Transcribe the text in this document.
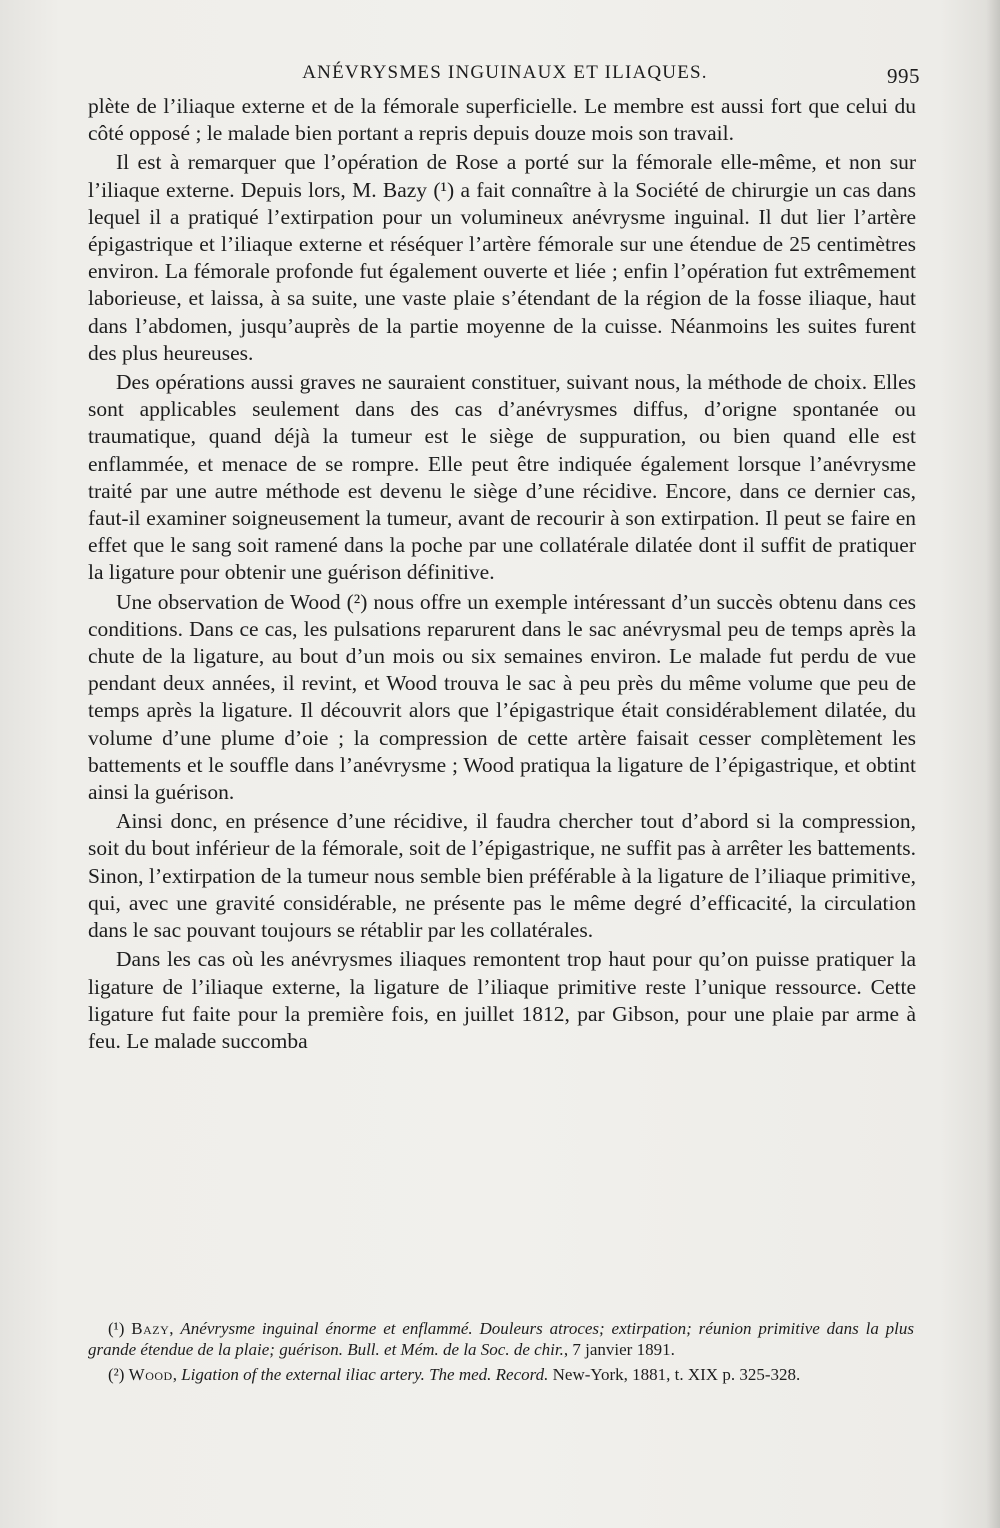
ANÉVRYSMES INGUINAUX ET ILIAQUES.	995

plète de l’iliaque externe et de la fémorale superficielle. Le membre est aussi fort que celui du côté opposé ; le malade bien portant a repris depuis douze mois son travail.

Il est à remarquer que l’opération de Rose a porté sur la fémorale elle-même, et non sur l’iliaque externe. Depuis lors, M. Bazy (¹) a fait connaître à la Société de chirurgie un cas dans lequel il a pratiqué l’extirpation pour un volumineux anévrysme inguinal. Il dut lier l’artère épigastrique et l’iliaque externe et réséquer l’artère fémorale sur une étendue de 25 centimètres environ. La fémorale profonde fut également ouverte et liée ; enfin l’opération fut extrêmement laborieuse, et laissa, à sa suite, une vaste plaie s’étendant de la région de la fosse iliaque, haut dans l’abdomen, jusqu’auprès de la partie moyenne de la cuisse. Néanmoins les suites furent des plus heureuses.

Des opérations aussi graves ne sauraient constituer, suivant nous, la méthode de choix. Elles sont applicables seulement dans des cas d’anévrysmes diffus, d’origne spontanée ou traumatique, quand déjà la tumeur est le siège de suppuration, ou bien quand elle est enflammée, et menace de se rompre. Elle peut être indiquée également lorsque l’anévrysme traité par une autre méthode est devenu le siège d’une récidive. Encore, dans ce dernier cas, faut-il examiner soigneusement la tumeur, avant de recourir à son extirpation. Il peut se faire en effet que le sang soit ramené dans la poche par une collatérale dilatée dont il suffit de pratiquer la ligature pour obtenir une guérison définitive.

Une observation de Wood (²) nous offre un exemple intéressant d’un succès obtenu dans ces conditions. Dans ce cas, les pulsations reparurent dans le sac anévrysmal peu de temps après la chute de la ligature, au bout d’un mois ou six semaines environ. Le malade fut perdu de vue pendant deux années, il revint, et Wood trouva le sac à peu près du même volume que peu de temps après la ligature. Il découvrit alors que l’épigastrique était considérablement dilatée, du volume d’une plume d’oie ; la compression de cette artère faisait cesser complètement les battements et le souffle dans l’anévrysme ; Wood pratiqua la ligature de l’épigastrique, et obtint ainsi la guérison.

Ainsi donc, en présence d’une récidive, il faudra chercher tout d’abord si la compression, soit du bout inférieur de la fémorale, soit de l’épigastrique, ne suffit pas à arrêter les battements. Sinon, l’extirpation de la tumeur nous semble bien préférable à la ligature de l’iliaque primitive, qui, avec une gravité considérable, ne présente pas le même degré d’efficacité, la circulation dans le sac pouvant toujours se rétablir par les collatérales.

Dans les cas où les anévrysmes iliaques remontent trop haut pour qu’on puisse pratiquer la ligature de l’iliaque externe, la ligature de l’iliaque primitive reste l’unique ressource. Cette ligature fut faite pour la première fois, en juillet 1812, par Gibson, pour une plaie par arme à feu. Le malade succomba

(¹) Bazy, Anévrysme inguinal énorme et enflammé. Douleurs atroces; extirpation; réunion primitive dans la plus grande étendue de la plaie; guérison. Bull. et Mém. de la Soc. de chir., 7 janvier 1891.

(²) Wood, Ligation of the external iliac artery. The med. Record. New-York, 1881, t. XIX p. 325-328.
